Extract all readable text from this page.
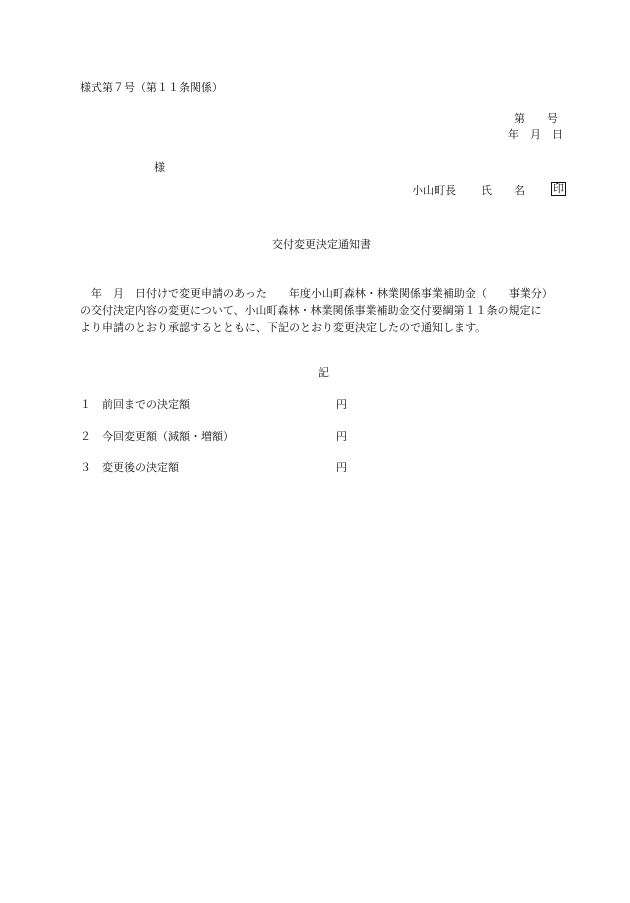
様式第７号（第１１条関係）
第　　号
年　月　日
様
小山町長 氏　　名	印
交付変更決定通知書
　年　月　日付けで変更申請のあった　　年度小山町森林・林業関係事業補助金（　　事業分）
の交付決定内容の変更について、小山町森林・林業関係事業補助金交付要綱第１１条の規定に
より申請のとおり承認するとともに、下記のとおり変更決定したので通知します。
記
１　前回までの決定額	円
２　今回変更額（減額・増額）	円
３　変更後の決定額	円
